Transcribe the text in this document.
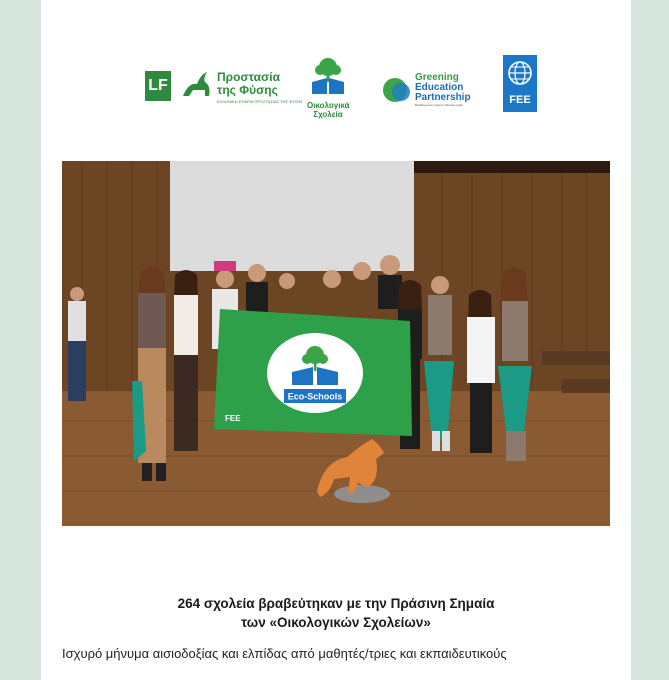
LF	Προστασία
της Φύσης
ΕΛΛΗΝΙΚΗ ΕΤΑΙΡΙΑ ΠΡΟΣΤΑΣΙΑΣ ΤΗΣ ΦΥΣΗΣ Οικολογικά
Σχολεία
Greening
Education
Partnership
Building every learner climate-ready	FEE
Eco-Schools
FEE
264 σχολεία βραβεύτηκαν με την Πράσινη Σημαία
των «Οικολογικών Σχολείων»
Ισχυρό μήνυμα αισιοδοξίας και ελπίδας από μαθητές/τριες και εκπαιδευτικούς
